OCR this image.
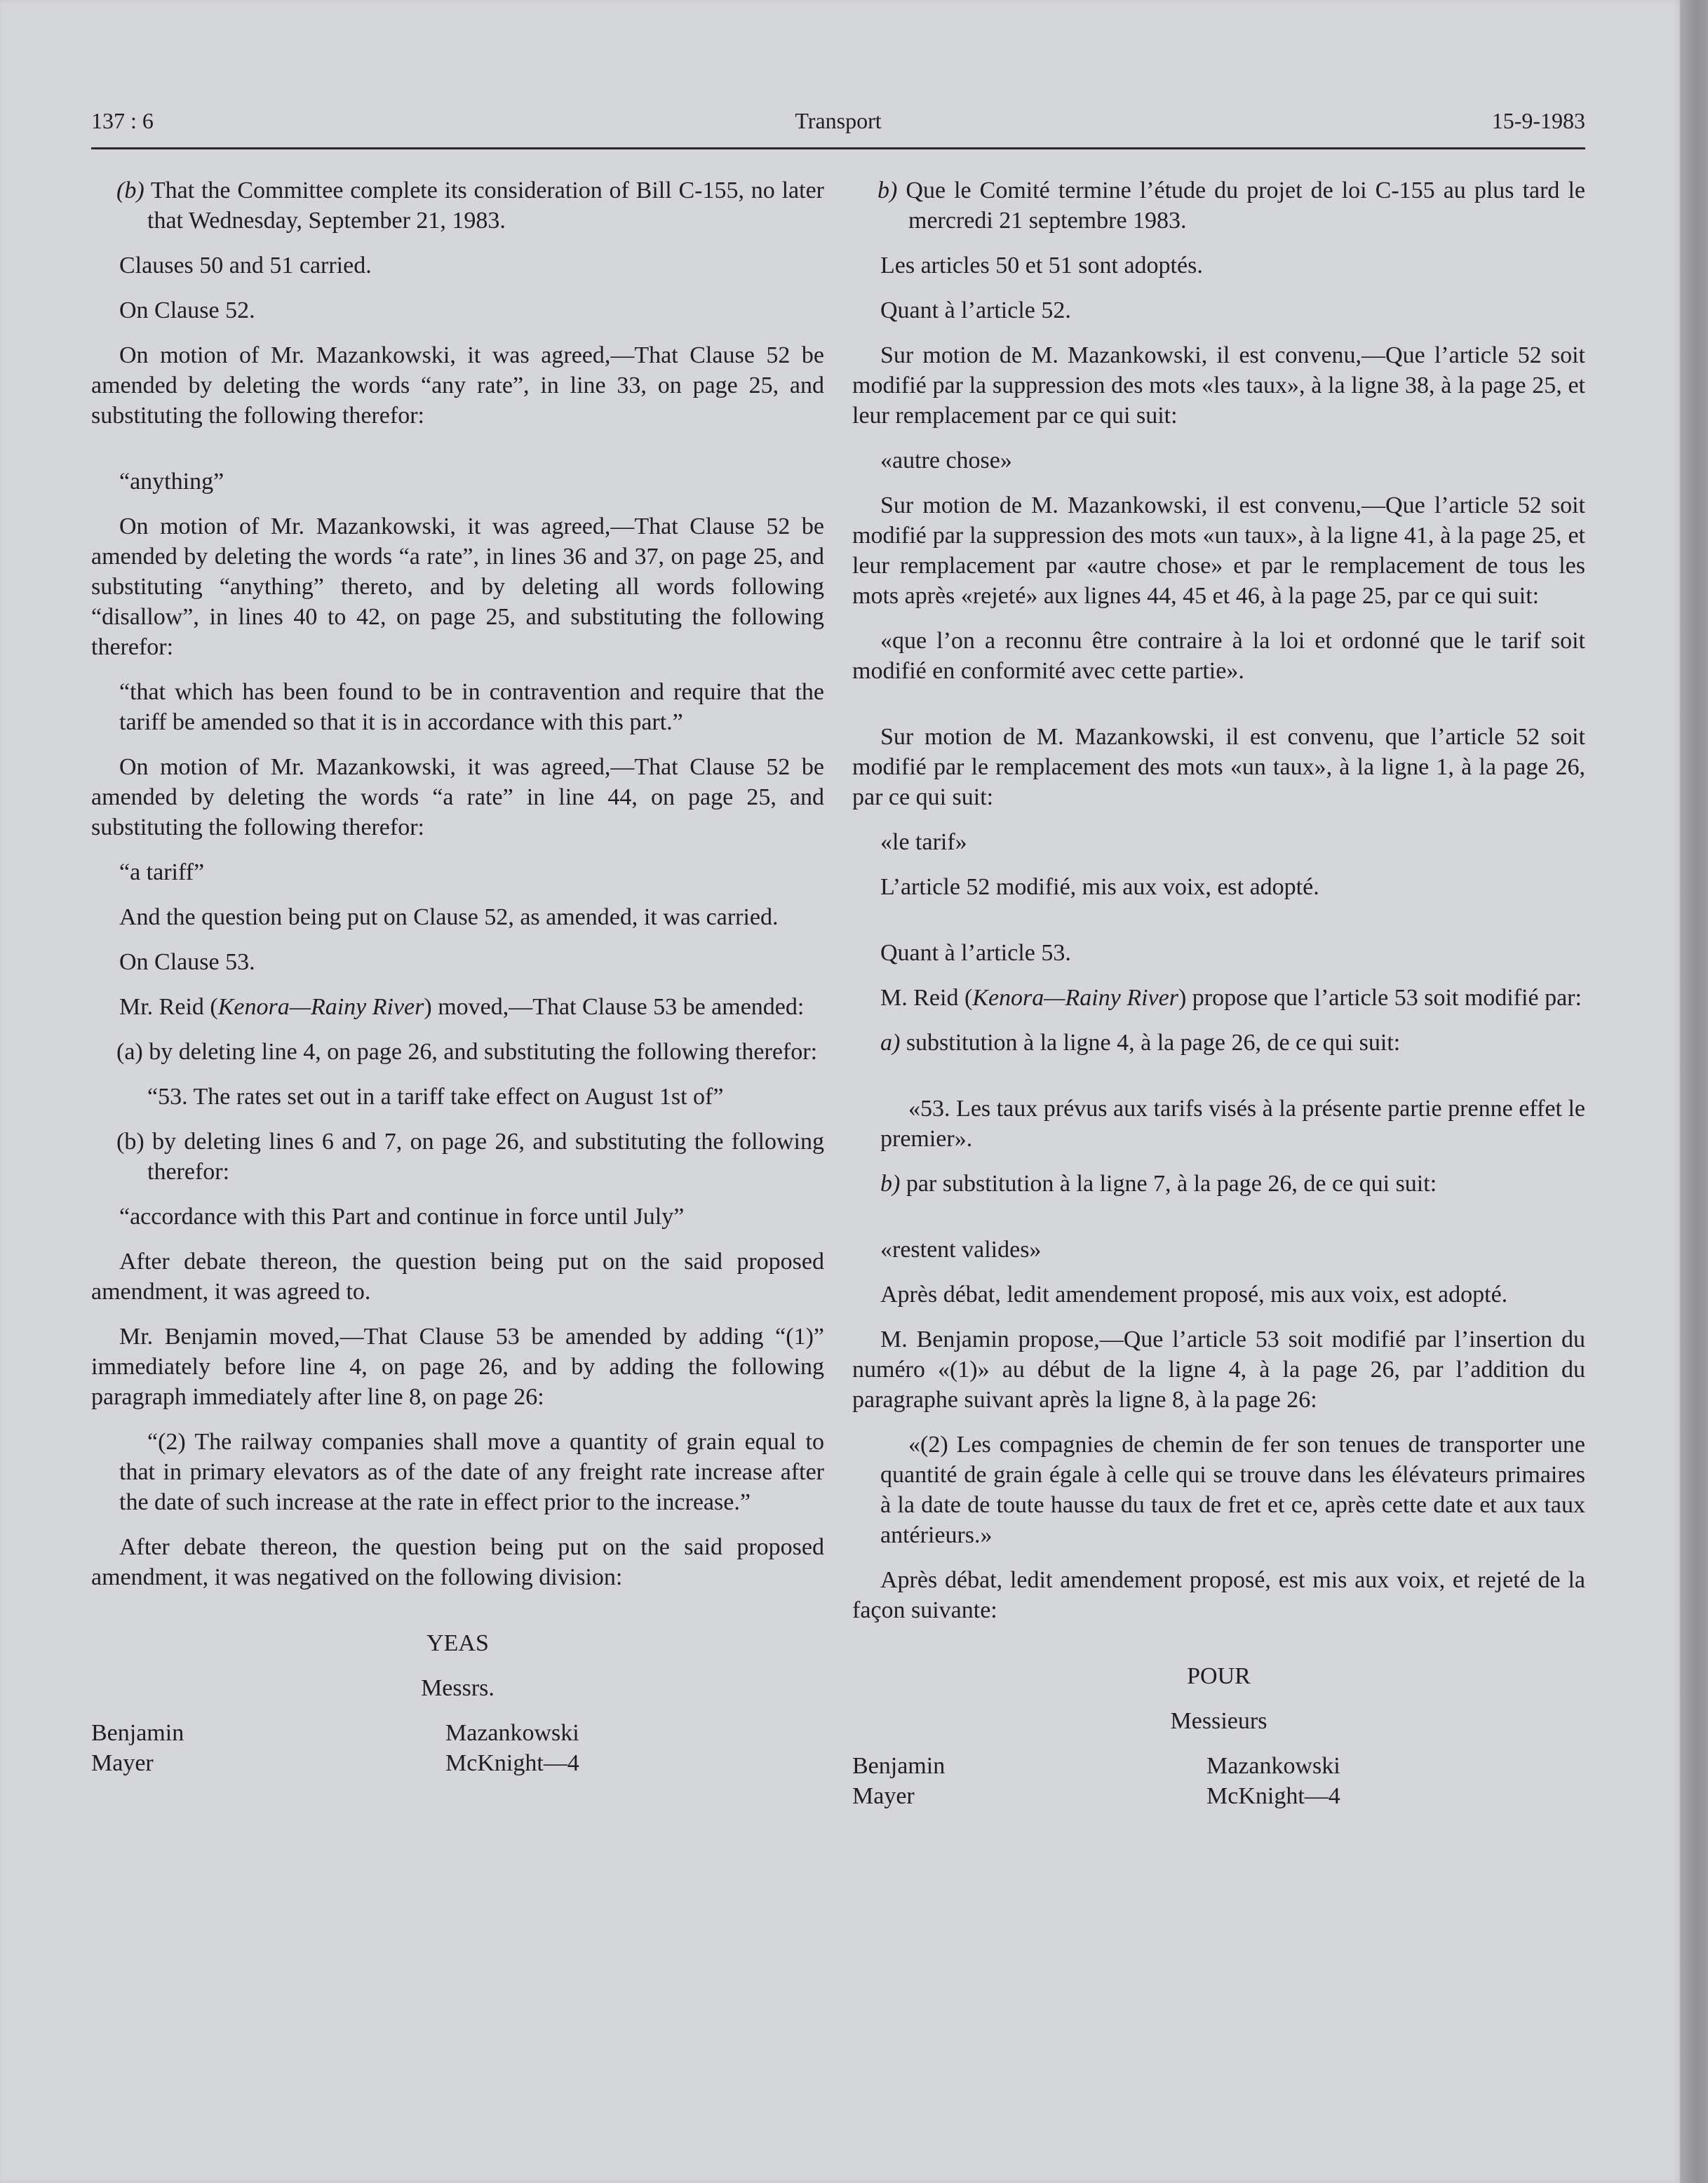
137 : 6	Transport	15-9-1983

(b) That the Committee complete its consideration of Bill C-155, no later that Wednesday, September 21, 1983.

Clauses 50 and 51 carried.

On Clause 52.

On motion of Mr. Mazankowski, it was agreed,—That Clause 52 be amended by deleting the words “any rate”, in line 33, on page 25, and substituting the following therefor:

“anything”

On motion of Mr. Mazankowski, it was agreed,—That Clause 52 be amended by deleting the words “a rate”, in lines 36 and 37, on page 25, and substituting “anything” thereto, and by deleting all words following “disallow”, in lines 40 to 42, on page 25, and substituting the following therefor:

“that which has been found to be in contravention and require that the tariff be amended so that it is in accordance with this part.”

On motion of Mr. Mazankowski, it was agreed,—That Clause 52 be amended by deleting the words “a rate” in line 44, on page 25, and substituting the following therefor:

“a tariff”

And the question being put on Clause 52, as amended, it was carried.

On Clause 53.

Mr. Reid (Kenora—Rainy River) moved,—That Clause 53 be amended:

(a) by deleting line 4, on page 26, and substituting the following therefor:

“53. The rates set out in a tariff take effect on August 1st of”

(b) by deleting lines 6 and 7, on page 26, and substituting the following therefor:

“accordance with this Part and continue in force until July”

After debate thereon, the question being put on the said proposed amendment, it was agreed to.

Mr. Benjamin moved,—That Clause 53 be amended by adding “(1)” immediately before line 4, on page 26, and by adding the following paragraph immediately after line 8, on page 26:

“(2) The railway companies shall move a quantity of grain equal to that in primary elevators as of the date of any freight rate increase after the date of such increase at the rate in effect prior to the increase.”

After debate thereon, the question being put on the said proposed amendment, it was negatived on the following division:

YEAS

Messrs.

Benjamin
Mayer
Mazankowski
McKnight—4

b) Que le Comité termine l’étude du projet de loi C-155 au plus tard le mercredi 21 septembre 1983.

Les articles 50 et 51 sont adoptés.

Quant à l’article 52.

Sur motion de M. Mazankowski, il est convenu,—Que l’article 52 soit modifié par la suppression des mots «les taux», à la ligne 38, à la page 25, et leur remplacement par ce qui suit:

«autre chose»

Sur motion de M. Mazankowski, il est convenu,—Que l’article 52 soit modifié par la suppression des mots «un taux», à la ligne 41, à la page 25, et leur remplacement par «autre chose» et par le remplacement de tous les mots après «rejeté» aux lignes 44, 45 et 46, à la page 25, par ce qui suit:

«que l’on a reconnu être contraire à la loi et ordonné que le tarif soit modifié en conformité avec cette partie».

Sur motion de M. Mazankowski, il est convenu, que l’article 52 soit modifié par le remplacement des mots «un taux», à la ligne 1, à la page 26, par ce qui suit:

«le tarif»

L’article 52 modifié, mis aux voix, est adopté.

Quant à l’article 53.

M. Reid (Kenora—Rainy River) propose que l’article 53 soit modifié par:

a) substitution à la ligne 4, à la page 26, de ce qui suit:

«53. Les taux prévus aux tarifs visés à la présente partie prenne effet le premier».

b) par substitution à la ligne 7, à la page 26, de ce qui suit:

«restent valides»

Après débat, ledit amendement proposé, mis aux voix, est adopté.

M. Benjamin propose,—Que l’article 53 soit modifié par l’insertion du numéro «(1)» au début de la ligne 4, à la page 26, par l’addition du paragraphe suivant après la ligne 8, à la page 26:

«(2) Les compagnies de chemin de fer son tenues de transporter une quantité de grain égale à celle qui se trouve dans les élévateurs primaires à la date de toute hausse du taux de fret et ce, après cette date et aux taux antérieurs.»

Après débat, ledit amendement proposé, est mis aux voix, et rejeté de la façon suivante:

POUR

Messieurs

Benjamin
Mayer
Mazankowski
McKnight—4
